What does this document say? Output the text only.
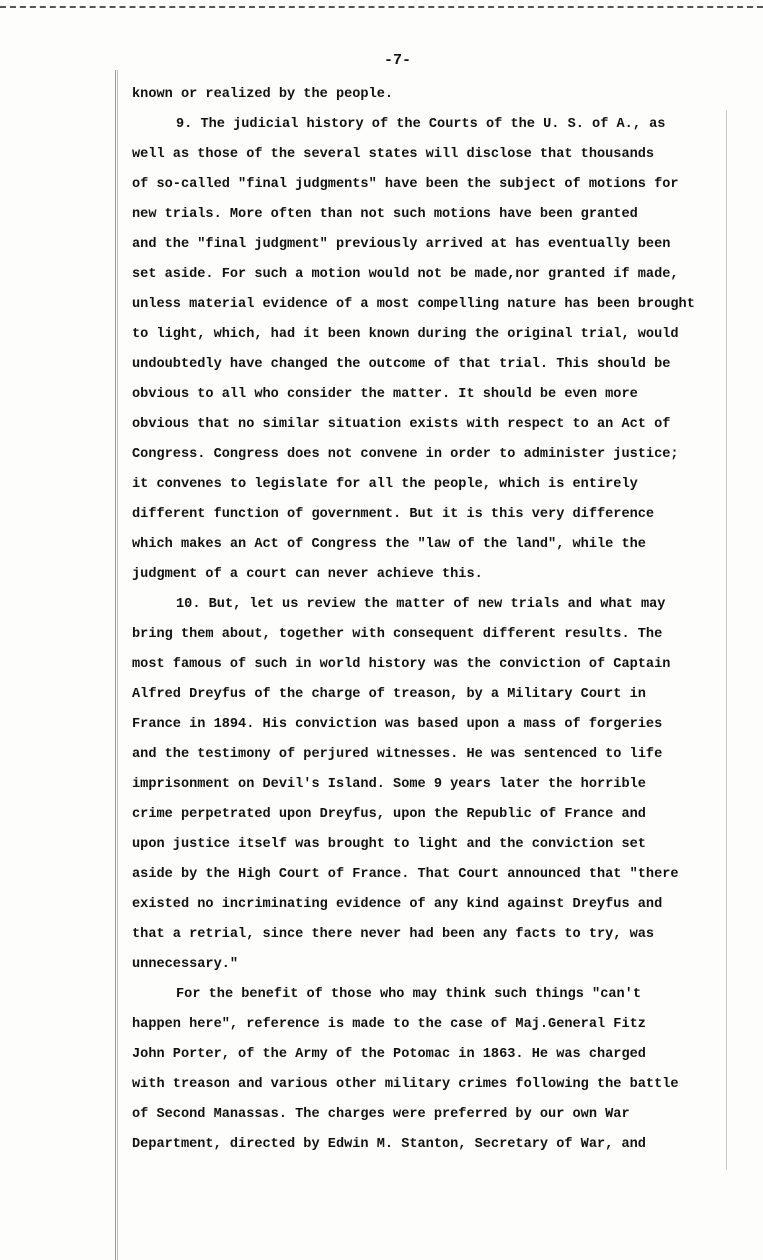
-7-
known or realized by the people.
9. The judicial history of the Courts of the U. S. of A., as
well as those of the several states will disclose that thousands
of so-called "final judgments" have been the subject of motions for
new trials. More often than not such motions have been granted
and the "final judgment" previously arrived at has eventually been
set aside. For such a motion would not be made,nor granted if made,
unless material evidence of a most compelling nature has been brought
to light, which, had it been known during the original trial, would
undoubtedly have changed the outcome of that trial. This should be
obvious to all who consider the matter. It should be even more
obvious that no similar situation exists with respect to an Act of
Congress. Congress does not convene in order to administer justice;
it convenes to legislate for all the people, which is entirely
different function of government. But it is this very difference
which makes an Act of Congress the "law of the land", while the
judgment of a court can never achieve this.
10. But, let us review the matter of new trials and what may
bring them about, together with consequent different results. The
most famous of such in world history was the conviction of Captain
Alfred Dreyfus of the charge of treason, by a Military Court in
France in 1894. His conviction was based upon a mass of forgeries
and the testimony of perjured witnesses. He was sentenced to life
imprisonment on Devil's Island. Some 9 years later the horrible
crime perpetrated upon Dreyfus, upon the Republic of France and
upon justice itself was brought to light and the conviction set
aside by the High Court of France. That Court announced that "there
existed no incriminating evidence of any kind against Dreyfus and
that a retrial, since there never had been any facts to try, was
unnecessary."
For the benefit of those who may think such things "can't
happen here", reference is made to the case of Maj.General Fitz
John Porter, of the Army of the Potomac in 1863. He was charged
with treason and various other military crimes following the battle
of Second Manassas. The charges were preferred by our own War
Department, directed by Edwin M. Stanton, Secretary of War, and
